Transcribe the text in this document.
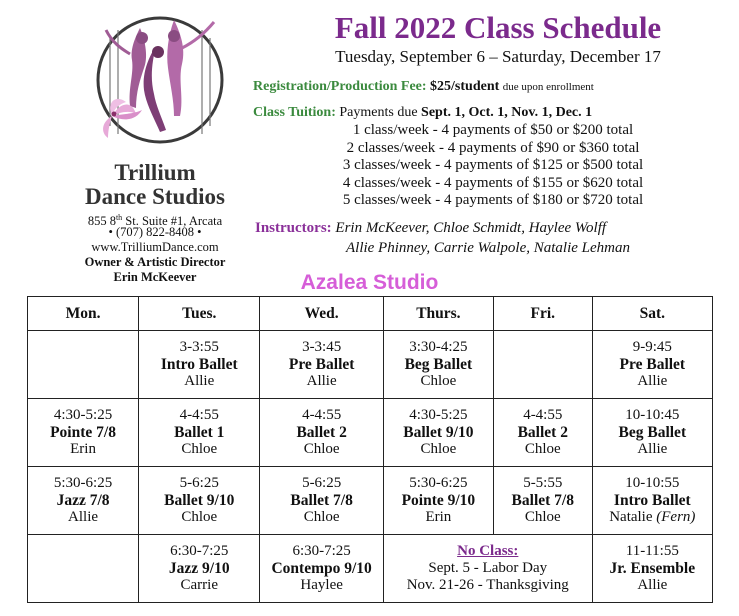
Trillium
Dance Studios
855 8th St. Suite #1, Arcata
• (707) 822-8408 •
www.TrilliumDance.com
Owner & Artistic Director
Erin McKeever
Fall 2022 Class Schedule
Tuesday, September 6 – Saturday, December 17
Registration/Production Fee: $25/student due upon enrollment
Class Tuition: Payments due Sept. 1, Oct. 1, Nov. 1, Dec. 1
1 class/week - 4 payments of $50 or $200 total
2 classes/week - 4 payments of $90 or $360 total
3 classes/week - 4 payments of $125 or $500 total
4 classes/week - 4 payments of $155 or $620 total
5 classes/week - 4 payments of $180 or $720 total
Instructors: Erin McKeever, Chloe Schmidt, Haylee Wolff
Allie Phinney, Carrie Walpole, Natalie Lehman
Azalea Studio
Mon.	Tues.	Wed.	Thurs.	Fri.	Sat.

	3-3:55
Intro Ballet
Allie	3-3:45
Pre Ballet
Allie	3:30-4:25
Beg Ballet
Chloe		9-9:45
Pre Ballet
Allie

4:30-5:25
Pointe 7/8
Erin	4-4:55
Ballet 1
Chloe	4-4:55
Ballet 2
Chloe	4:30-5:25
Ballet 9/10
Chloe	4-4:55
Ballet 2
Chloe	10-10:45
Beg Ballet
Allie

5:30-6:25
Jazz 7/8
Allie	5-6:25
Ballet 9/10
Chloe	5-6:25
Ballet 7/8
Chloe	5:30-6:25
Pointe 9/10
Erin	5-5:55
Ballet 7/8
Chloe	10-10:55
Intro Ballet
Natalie (Fern)

	6:30-7:25
Jazz 9/10
Carrie	6:30-7:25
Contempo 9/10
Haylee	No Class:
Sept. 5 - Labor Day
Nov. 21-26 - Thanksgiving		11-11:55
Jr. Ensemble
Allie
